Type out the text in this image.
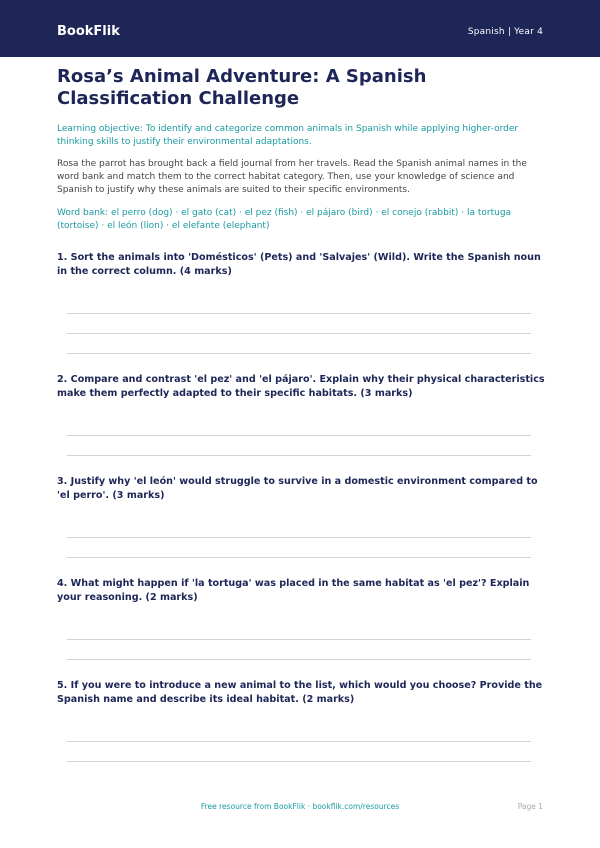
BookFlik	Spanish | Year 4
Rosa’s Animal Adventure: A Spanish Classification Challenge
Learning objective: To identify and categorize common animals in Spanish while applying higher-order thinking skills to justify their environmental adaptations.
Rosa the parrot has brought back a field journal from her travels. Read the Spanish animal names in the word bank and match them to the correct habitat category. Then, use your knowledge of science and Spanish to justify why these animals are suited to their specific environments.
Word bank: el perro (dog) · el gato (cat) · el pez (fish) · el pájaro (bird) · el conejo (rabbit) · la tortuga (tortoise) · el león (lion) · el elefante (elephant)
1. Sort the animals into 'Domésticos' (Pets) and 'Salvajes' (Wild). Write the Spanish noun in the correct column. (4 marks)
2. Compare and contrast 'el pez' and 'el pájaro'. Explain why their physical characteristics make them perfectly adapted to their specific habitats. (3 marks)
3. Justify why 'el león' would struggle to survive in a domestic environment compared to 'el perro'. (3 marks)
4. What might happen if 'la tortuga' was placed in the same habitat as 'el pez'? Explain your reasoning. (2 marks)
5. If you were to introduce a new animal to the list, which would you choose? Provide the Spanish name and describe its ideal habitat. (2 marks)
Free resource from BookFlik · bookflik.com/resources	Page 1
